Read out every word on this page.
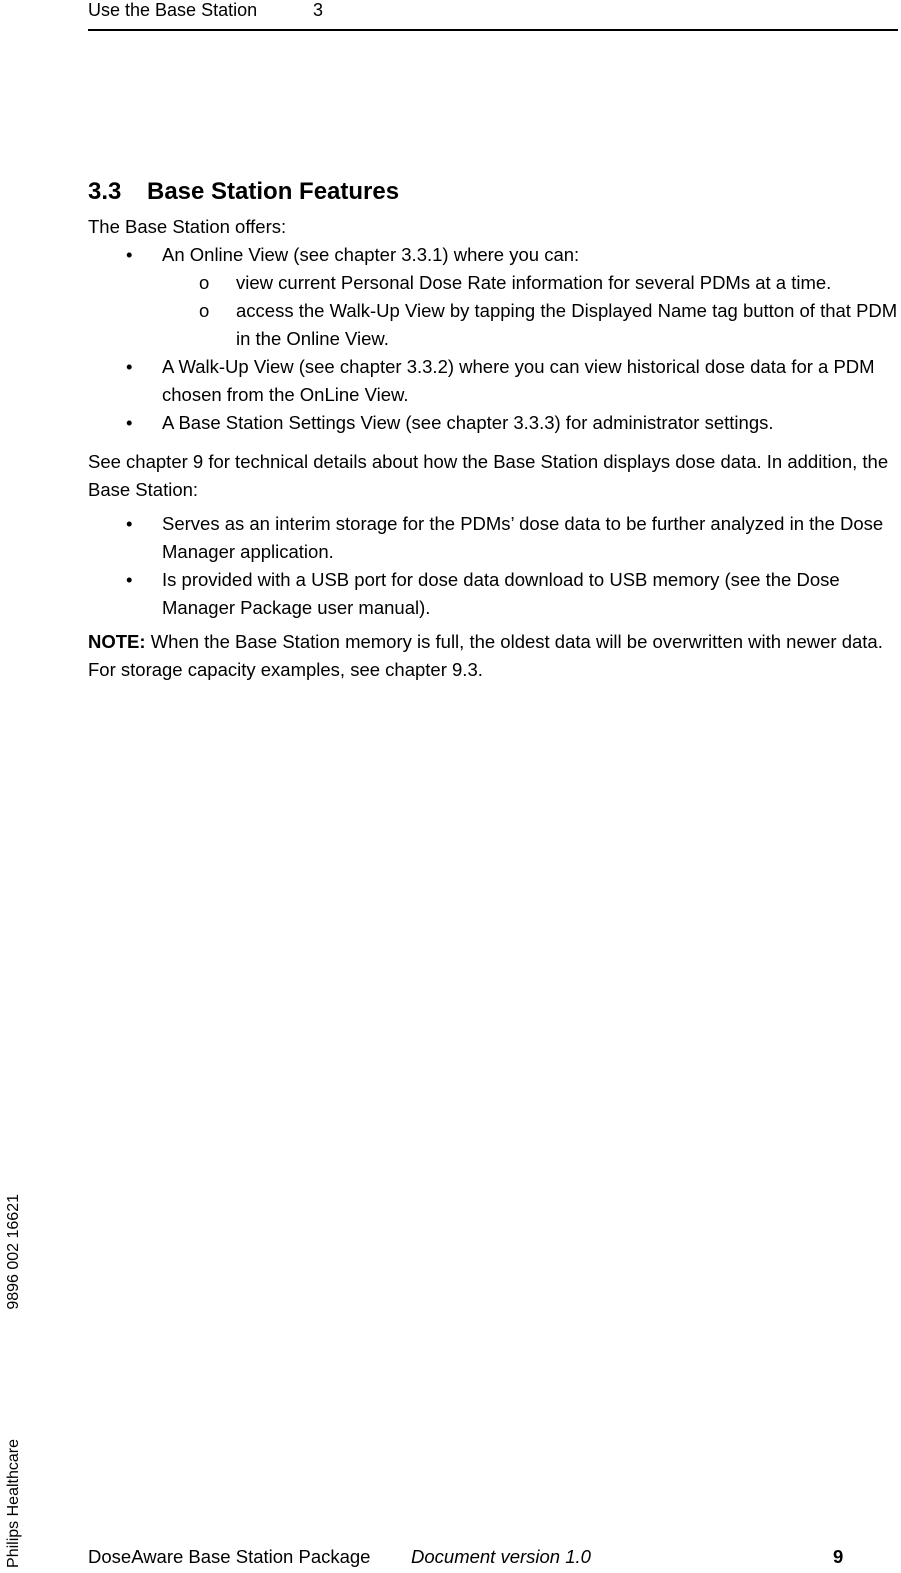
Use the Base Station	3
3.3 Base Station Features

The Base Station offers:

• An Online View (see chapter 3.3.1) where you can:
o view current Personal Dose Rate information for several PDMs at a time.
o access the Walk-Up View by tapping the Displayed Name tag button of that PDM in the Online View.
• A Walk-Up View (see chapter 3.3.2) where you can view historical dose data for a PDM chosen from the OnLine View.
• A Base Station Settings View (see chapter 3.3.3) for administrator settings.

See chapter 9 for technical details about how the Base Station displays dose data. In addition, the Base Station:

• Serves as an interim storage for the PDMs’ dose data to be further analyzed in the Dose Manager application.
• Is provided with a USB port for dose data download to USB memory (see the Dose Manager Package user manual).

NOTE: When the Base Station memory is full, the oldest data will be overwritten with newer data. For storage capacity examples, see chapter 9.3.

Philips Healthcare
9896 002 16621
DoseAware Base Station Package Document version 1.0	9
